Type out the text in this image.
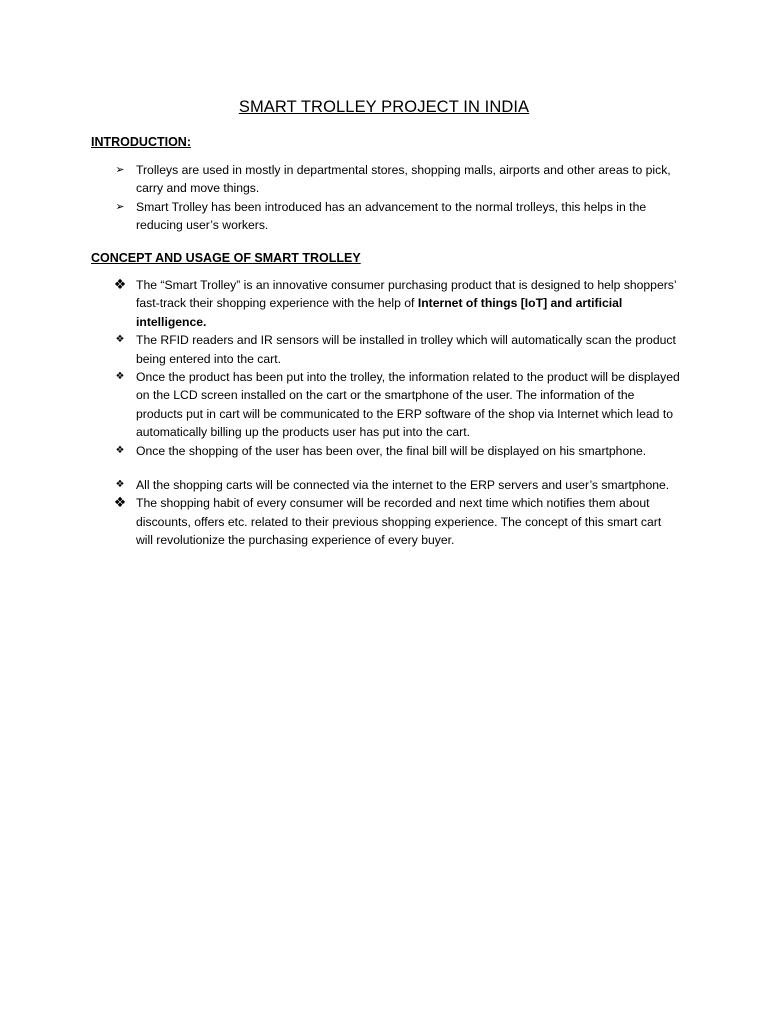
SMART TROLLEY PROJECT IN INDIA
INTRODUCTION:
➢ Trolleys are used in mostly in departmental stores, shopping malls, airports and other areas to pick, carry and move things.
➢ Smart Trolley has been introduced has an advancement to the normal trolleys, this helps in the reducing user’s workers.
CONCEPT AND USAGE OF SMART TROLLEY
❖ The “Smart Trolley” is an innovative consumer purchasing product that is designed to help shoppers’ fast-track their shopping experience with the help of Internet of things [IoT] and artificial intelligence.
❖ The RFID readers and IR sensors will be installed in trolley which will automatically scan the product being entered into the cart.
❖ Once the product has been put into the trolley, the information related to the product will be displayed on the LCD screen installed on the cart or the smartphone of the user. The information of the products put in cart will be communicated to the ERP software of the shop via Internet which lead to automatically billing up the products user has put into the cart.
❖ Once the shopping of the user has been over, the final bill will be displayed on his smartphone.
❖ All the shopping carts will be connected via the internet to the ERP servers and user’s smartphone.
❖ The shopping habit of every consumer will be recorded and next time which notifies them about discounts, offers etc. related to their previous shopping experience. The concept of this smart cart will revolutionize the purchasing experience of every buyer.
